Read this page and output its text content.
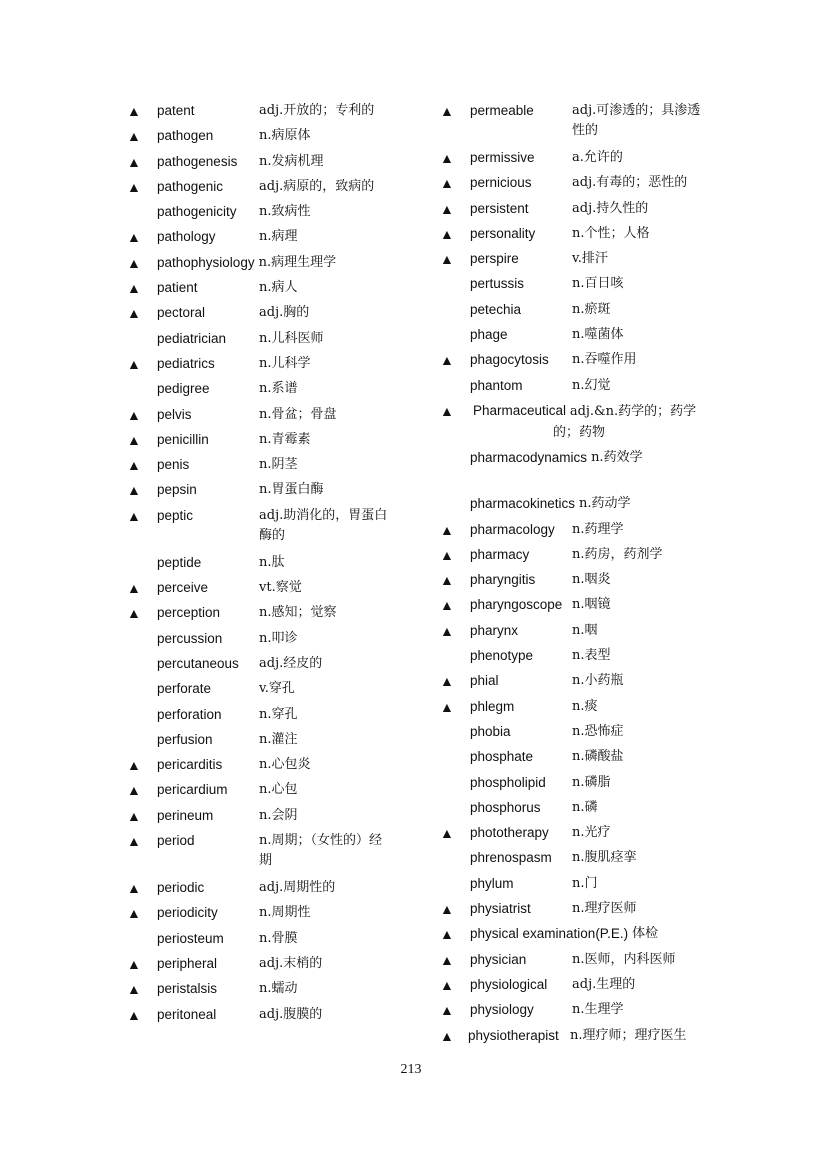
▲	patent	adj.开放的；专利的
▲	pathogen	n.病原体
▲	pathogenesis	n.发病机理
▲	pathogenic	adj.病原的，致病的
pathogenicity	n.致病性
▲	pathology	n.病理
▲	pathophysiology n.病理生理学
▲	patient	n.病人
▲	pectoral	adj.胸的
pediatrician	n.儿科医师
▲	pediatrics	n.儿科学
pedigree	n.系谱
▲	pelvis	n.骨盆；骨盘
▲	penicillin	n.青霉素
▲	penis	n.阴茎
▲	pepsin	n.胃蛋白酶
▲	peptic	adj.助消化的，胃蛋白酶的
peptide	n.肽
▲	perceive	vt.察觉
▲	perception	n.感知；觉察
percussion	n.叩诊
percutaneous	adj.经皮的
perforate	v.穿孔
perforation	n.穿孔
perfusion	n.灌注
▲	pericarditis	n.心包炎
▲	pericardium	n.心包
▲	perineum	n.会阴
▲	period	n.周期；（女性的）经期
▲	periodic	adj.周期性的
▲	periodicity	n.周期性
periosteum	n.骨膜
▲	peripheral	adj.末梢的
▲	peristalsis	n.蠕动
▲	peritoneal	adj.腹膜的
▲	permeable	adj.可渗透的；具渗透性的
▲	permissive	a.允许的
▲	pernicious	adj.有毒的；恶性的
▲	persistent	adj.持久性的
▲	personality	n.个性；人格
▲	perspire	v.排汗
pertussis	n.百日咳
petechia	n.瘀斑
phage	n.噬菌体
▲	phagocytosis	n.吞噬作用
phantom	n.幻觉
▲	Pharmaceutical adj.&n.药学的；药学
的；药物
pharmacodynamics n.药效学
pharmacokinetics n.药动学
▲	pharmacology	n.药理学
▲	pharmacy	n.药房，药剂学
▲	pharyngitis	n.咽炎
▲	pharyngoscope n.咽镜
▲	pharynx	n.咽
phenotype	n.表型
▲	phial	n.小药瓶
▲	phlegm	n.痰
phobia	n.恐怖症
phosphate	n.磷酸盐
phospholipid	n.磷脂
phosphorus	n.磷
▲	phototherapy	n.光疗
phrenospasm	n.腹肌痉挛
phylum	n.门
▲	physiatrist	n.理疗医师
▲	physical examination(P.E.) 体检
▲	physician	n.医师，内科医师
▲	physiological	adj.生理的
▲	physiology	n.生理学
▲	physiotherapist n.理疗师；理疗医生
213
